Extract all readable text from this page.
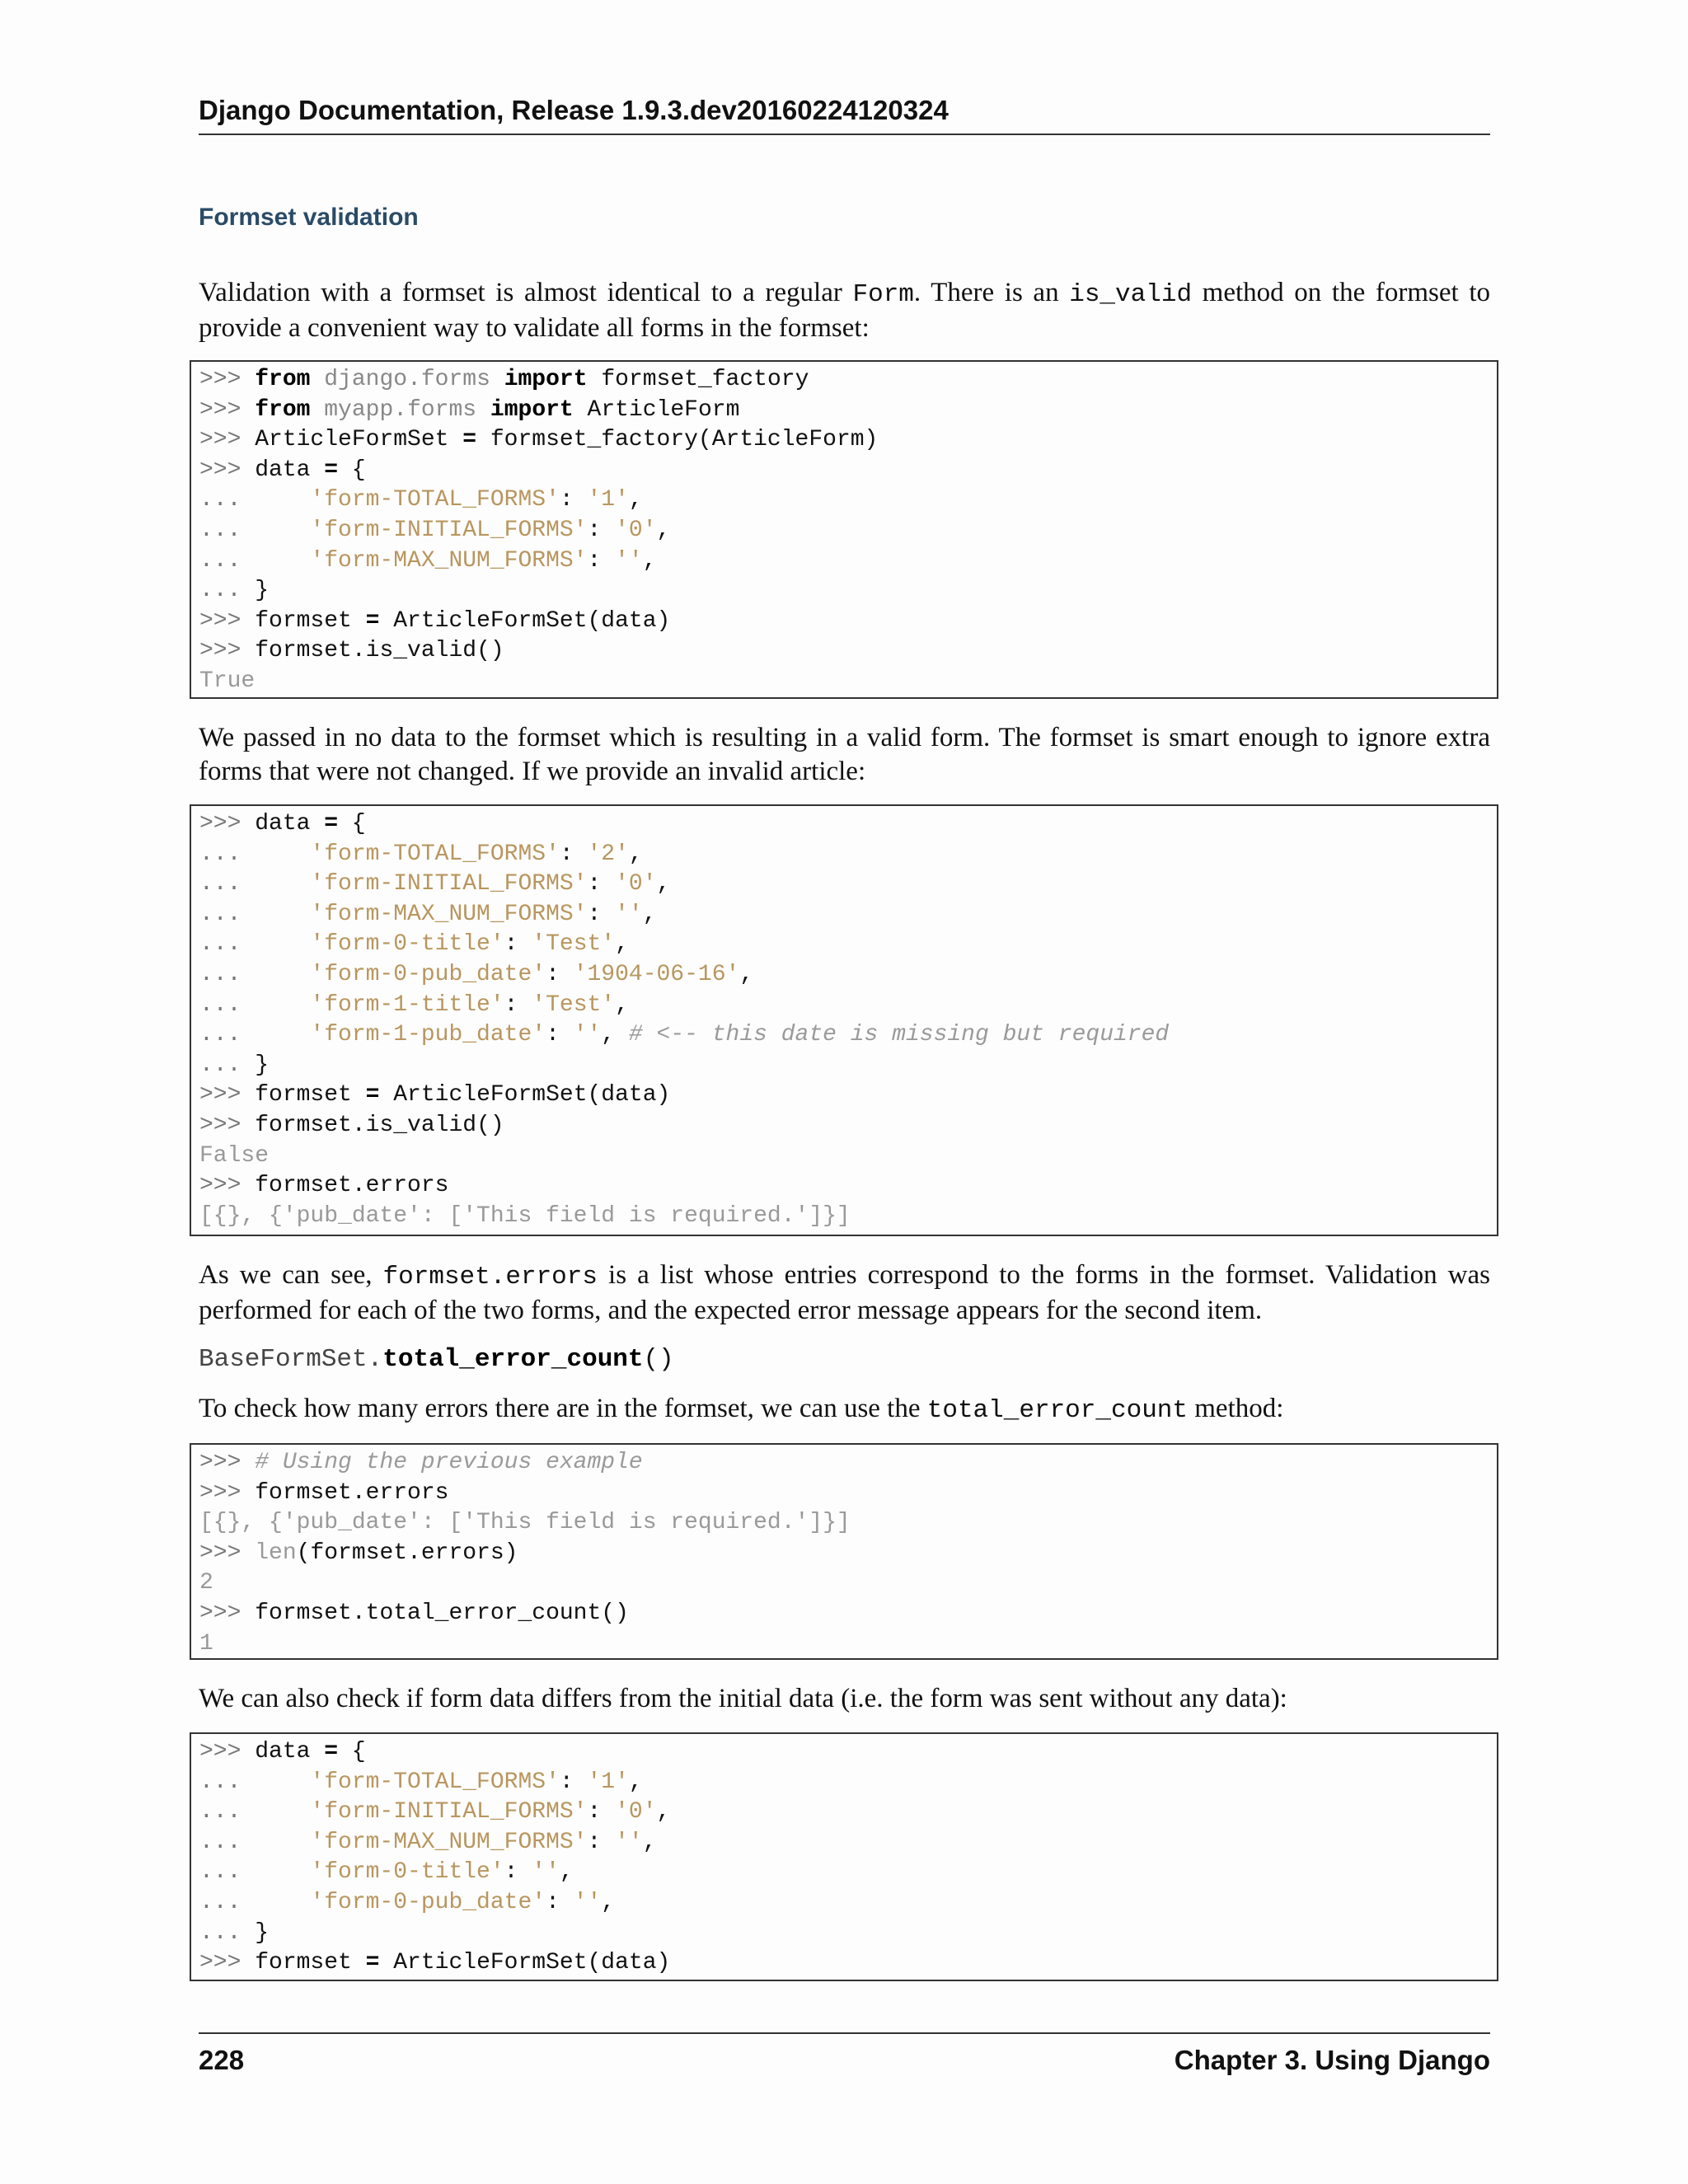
Django Documentation, Release 1.9.3.dev20160224120324
Formset validation

Validation with a formset is almost identical to a regular Form. There is an is_valid method on the formset to provide a convenient way to validate all forms in the formset:

>>> from django.forms import formset_factory
>>> from myapp.forms import ArticleForm
>>> ArticleFormSet = formset_factory(ArticleForm)
>>> data = {
...     'form-TOTAL_FORMS': '1',
...     'form-INITIAL_FORMS': '0',
...     'form-MAX_NUM_FORMS': '',
... }
>>> formset = ArticleFormSet(data)
>>> formset.is_valid()
True

We passed in no data to the formset which is resulting in a valid form. The formset is smart enough to ignore extra forms that were not changed. If we provide an invalid article:

>>> data = {
...     'form-TOTAL_FORMS': '2',
...     'form-INITIAL_FORMS': '0',
...     'form-MAX_NUM_FORMS': '',
...     'form-0-title': 'Test',
...     'form-0-pub_date': '1904-06-16',
...     'form-1-title': 'Test',
...     'form-1-pub_date': '', # <-- this date is missing but required
... }
>>> formset = ArticleFormSet(data)
>>> formset.is_valid()
False
>>> formset.errors
[{}, {'pub_date': ['This field is required.']}]

As we can see, formset.errors is a list whose entries correspond to the forms in the formset. Validation was performed for each of the two forms, and the expected error message appears for the second item.

BaseFormSet.total_error_count()

To check how many errors there are in the formset, we can use the total_error_count method:

>>> # Using the previous example
>>> formset.errors
[{}, {'pub_date': ['This field is required.']}]
>>> len(formset.errors)
2
>>> formset.total_error_count()
1

We can also check if form data differs from the initial data (i.e. the form was sent without any data):

>>> data = {
...     'form-TOTAL_FORMS': '1',
...     'form-INITIAL_FORMS': '0',
...     'form-MAX_NUM_FORMS': '',
...     'form-0-title': '',
...     'form-0-pub_date': '',
... }
>>> formset = ArticleFormSet(data)
228	Chapter 3. Using Django
